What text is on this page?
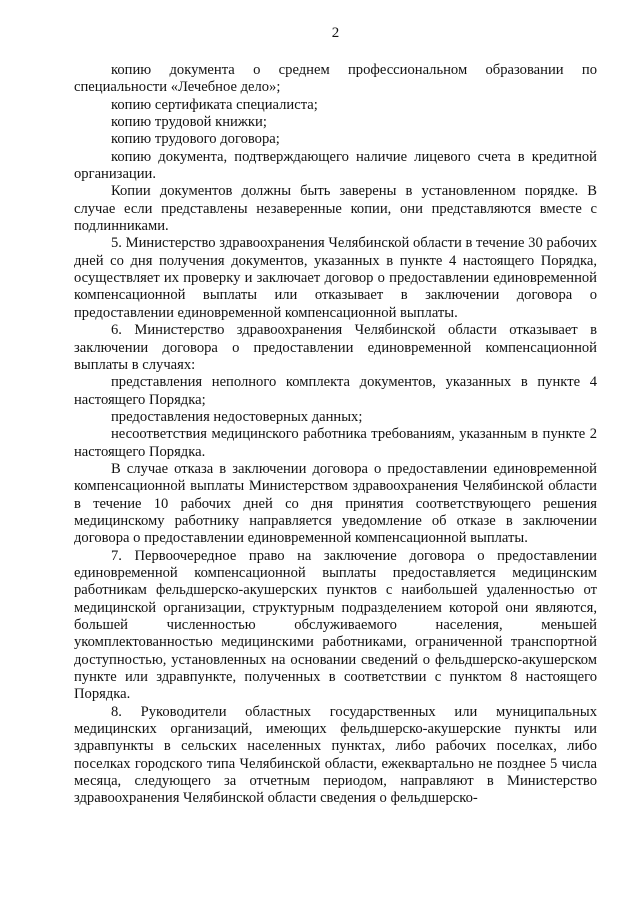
2

копию документа о среднем профессиональном образовании по специальности «Лечебное дело»;

копию сертификата специалиста;

копию трудовой книжки;

копию трудового договора;

копию документа, подтверждающего наличие лицевого счета в кредитной организации.

Копии документов должны быть заверены в установленном порядке. В случае если представлены незаверенные копии, они представляются вместе с подлинниками.

5. Министерство здравоохранения Челябинской области в течение 30 рабочих дней со дня получения документов, указанных в пункте 4 настоящего Порядка, осуществляет их проверку и заключает договор о предоставлении единовременной компенсационной выплаты или отказывает в заключении договора о предоставлении единовременной компенсационной выплаты.

6. Министерство здравоохранения Челябинской области отказывает в заключении договора о предоставлении единовременной компенсационной выплаты в случаях:

представления неполного комплекта документов, указанных в пункте 4 настоящего Порядка;

предоставления недостоверных данных;

несоответствия медицинского работника требованиям, указанным в пункте 2 настоящего Порядка.

В случае отказа в заключении договора о предоставлении единовременной компенсационной выплаты Министерством здравоохранения Челябинской области в течение 10 рабочих дней со дня принятия соответствующего решения медицинскому работнику направляется уведомление об отказе в заключении договора о предоставлении единовременной компенсационной выплаты.

7. Первоочередное право на заключение договора о предоставлении единовременной компенсационной выплаты предоставляется медицинским работникам фельдшерско-акушерских пунктов с наибольшей удаленностью от медицинской организации, структурным подразделением которой они являются, большей численностью обслуживаемого населения, меньшей укомплектованностью медицинскими работниками, ограниченной транспортной доступностью, установленных на основании сведений о фельдшерско-акушерском пункте или здравпункте, полученных в соответствии с пунктом 8 настоящего Порядка.

8. Руководители областных государственных или муниципальных медицинских организаций, имеющих фельдшерско-акушерские пункты или здравпункты в сельских населенных пунктах, либо рабочих поселках, либо поселках городского типа Челябинской области, ежеквартально не позднее 5 числа месяца, следующего за отчетным периодом, направляют в Министерство здравоохранения Челябинской области сведения о фельдшерско-
